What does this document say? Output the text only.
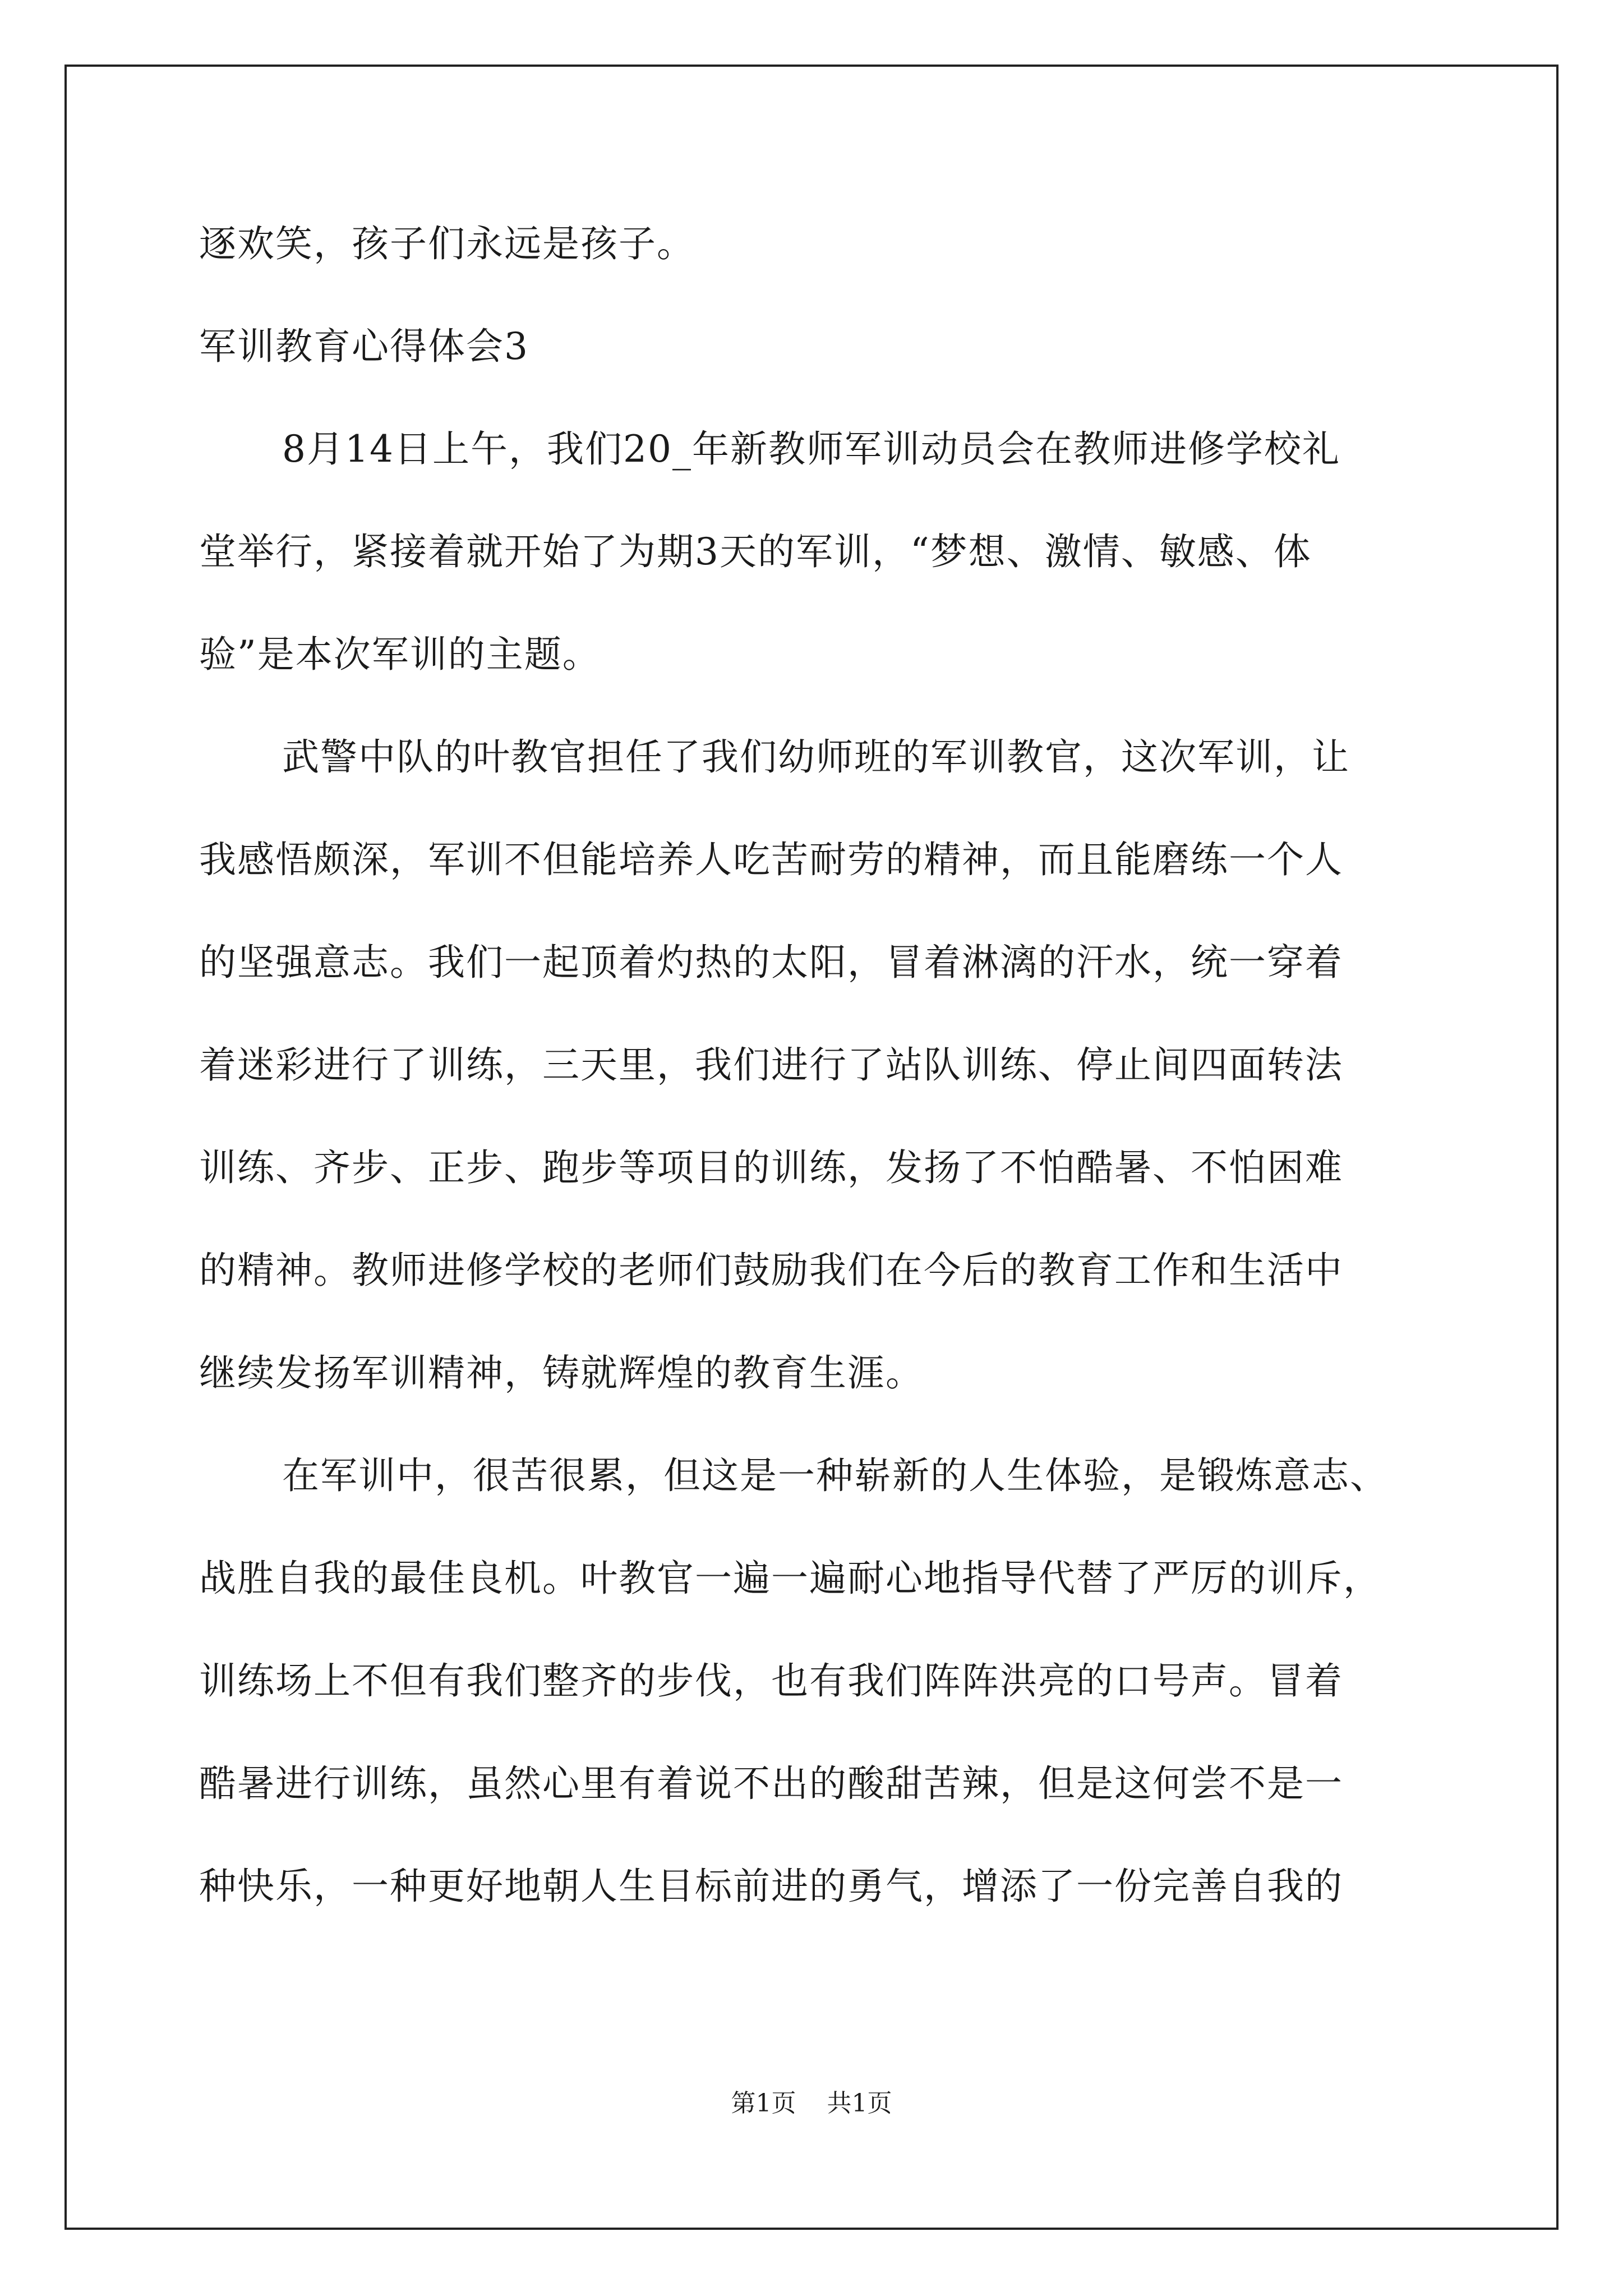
逐欢笑，孩子们永远是孩子。
军训教育心得体会3
8月14日上午，我们20_年新教师军训动员会在教师进修学校礼
堂举行，紧接着就开始了为期3天的军训，“梦想、激情、敏感、体
验”是本次军训的主题。
武警中队的叶教官担任了我们幼师班的军训教官，这次军训，让
我感悟颇深，军训不但能培养人吃苦耐劳的精神，而且能磨练一个人
的坚强意志。我们一起顶着灼热的太阳，冒着淋漓的汗水，统一穿着
着迷彩进行了训练，三天里，我们进行了站队训练、停止间四面转法
训练、齐步、正步、跑步等项目的训练，发扬了不怕酷暑、不怕困难
的精神。教师进修学校的老师们鼓励我们在今后的教育工作和生活中
继续发扬军训精神，铸就辉煌的教育生涯。
在军训中，很苦很累，但这是一种崭新的人生体验，是锻炼意志、
战胜自我的最佳良机。叶教官一遍一遍耐心地指导代替了严厉的训斥，
训练场上不但有我们整齐的步伐，也有我们阵阵洪亮的口号声。冒着
酷暑进行训练，虽然心里有着说不出的酸甜苦辣，但是这何尝不是一
种快乐，一种更好地朝人生目标前进的勇气，增添了一份完善自我的
第1页 共1页
